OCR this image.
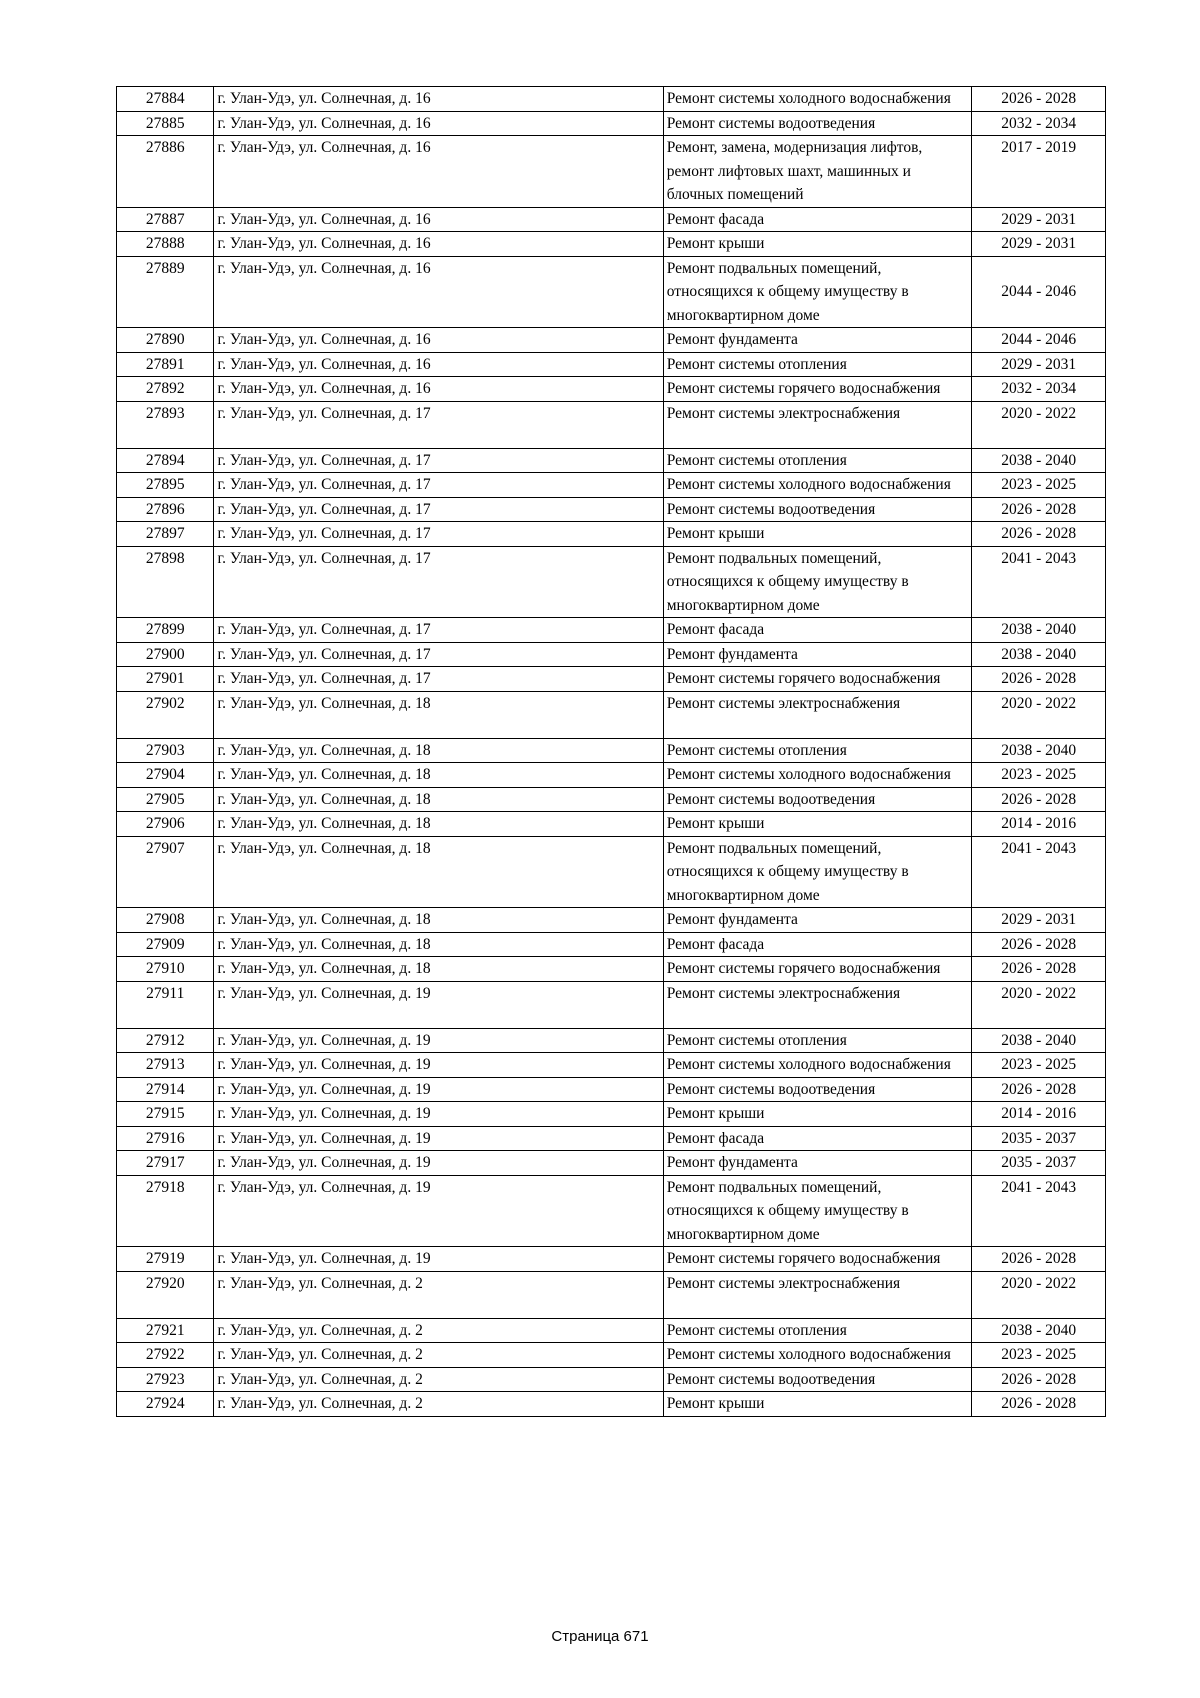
27884	г. Улан-Удэ, ул. Солнечная, д. 16	Ремонт системы холодного водоснабжения	2026 - 2028
27885	г. Улан-Удэ, ул. Солнечная, д. 16	Ремонт системы водоотведения	2032 - 2034
27886	г. Улан-Удэ, ул. Солнечная, д. 16	Ремонт, замена, модернизация лифтов, ремонт лифтовых шахт, машинных и блочных помещений	2017 - 2019
27887	г. Улан-Удэ, ул. Солнечная, д. 16	Ремонт фасада	2029 - 2031
27888	г. Улан-Удэ, ул. Солнечная, д. 16	Ремонт крыши	2029 - 2031
27889	г. Улан-Удэ, ул. Солнечная, д. 16	Ремонт подвальных помещений, относящихся к общему имуществу в многоквартирном доме	2044 - 2046
27890	г. Улан-Удэ, ул. Солнечная, д. 16	Ремонт фундамента	2044 - 2046
27891	г. Улан-Удэ, ул. Солнечная, д. 16	Ремонт системы отопления	2029 - 2031
27892	г. Улан-Удэ, ул. Солнечная, д. 16	Ремонт системы горячего водоснабжения	2032 - 2034
27893	г. Улан-Удэ, ул. Солнечная, д. 17	Ремонт системы электроснабжения	2020 - 2022
27894	г. Улан-Удэ, ул. Солнечная, д. 17	Ремонт системы отопления	2038 - 2040
27895	г. Улан-Удэ, ул. Солнечная, д. 17	Ремонт системы холодного водоснабжения	2023 - 2025
27896	г. Улан-Удэ, ул. Солнечная, д. 17	Ремонт системы водоотведения	2026 - 2028
27897	г. Улан-Удэ, ул. Солнечная, д. 17	Ремонт крыши	2026 - 2028
27898	г. Улан-Удэ, ул. Солнечная, д. 17	Ремонт подвальных помещений, относящихся к общему имуществу в многоквартирном доме	2041 - 2043
27899	г. Улан-Удэ, ул. Солнечная, д. 17	Ремонт фасада	2038 - 2040
27900	г. Улан-Удэ, ул. Солнечная, д. 17	Ремонт фундамента	2038 - 2040
27901	г. Улан-Удэ, ул. Солнечная, д. 17	Ремонт системы горячего водоснабжения	2026 - 2028
27902	г. Улан-Удэ, ул. Солнечная, д. 18	Ремонт системы электроснабжения	2020 - 2022
27903	г. Улан-Удэ, ул. Солнечная, д. 18	Ремонт системы отопления	2038 - 2040
27904	г. Улан-Удэ, ул. Солнечная, д. 18	Ремонт системы холодного водоснабжения	2023 - 2025
27905	г. Улан-Удэ, ул. Солнечная, д. 18	Ремонт системы водоотведения	2026 - 2028
27906	г. Улан-Удэ, ул. Солнечная, д. 18	Ремонт крыши	2014 - 2016
27907	г. Улан-Удэ, ул. Солнечная, д. 18	Ремонт подвальных помещений, относящихся к общему имуществу в многоквартирном доме	2041 - 2043
27908	г. Улан-Удэ, ул. Солнечная, д. 18	Ремонт фундамента	2029 - 2031
27909	г. Улан-Удэ, ул. Солнечная, д. 18	Ремонт фасада	2026 - 2028
27910	г. Улан-Удэ, ул. Солнечная, д. 18	Ремонт системы горячего водоснабжения	2026 - 2028
27911	г. Улан-Удэ, ул. Солнечная, д. 19	Ремонт системы электроснабжения	2020 - 2022
27912	г. Улан-Удэ, ул. Солнечная, д. 19	Ремонт системы отопления	2038 - 2040
27913	г. Улан-Удэ, ул. Солнечная, д. 19	Ремонт системы холодного водоснабжения	2023 - 2025
27914	г. Улан-Удэ, ул. Солнечная, д. 19	Ремонт системы водоотведения	2026 - 2028
27915	г. Улан-Удэ, ул. Солнечная, д. 19	Ремонт крыши	2014 - 2016
27916	г. Улан-Удэ, ул. Солнечная, д. 19	Ремонт фасада	2035 - 2037
27917	г. Улан-Удэ, ул. Солнечная, д. 19	Ремонт фундамента	2035 - 2037
27918	г. Улан-Удэ, ул. Солнечная, д. 19	Ремонт подвальных помещений, относящихся к общему имуществу в многоквартирном доме	2041 - 2043
27919	г. Улан-Удэ, ул. Солнечная, д. 19	Ремонт системы горячего водоснабжения	2026 - 2028
27920	г. Улан-Удэ, ул. Солнечная, д. 2	Ремонт системы электроснабжения	2020 - 2022
27921	г. Улан-Удэ, ул. Солнечная, д. 2	Ремонт системы отопления	2038 - 2040
27922	г. Улан-Удэ, ул. Солнечная, д. 2	Ремонт системы холодного водоснабжения	2023 - 2025
27923	г. Улан-Удэ, ул. Солнечная, д. 2	Ремонт системы водоотведения	2026 - 2028
27924	г. Улан-Удэ, ул. Солнечная, д. 2	Ремонт крыши	2026 - 2028
Страница 671
